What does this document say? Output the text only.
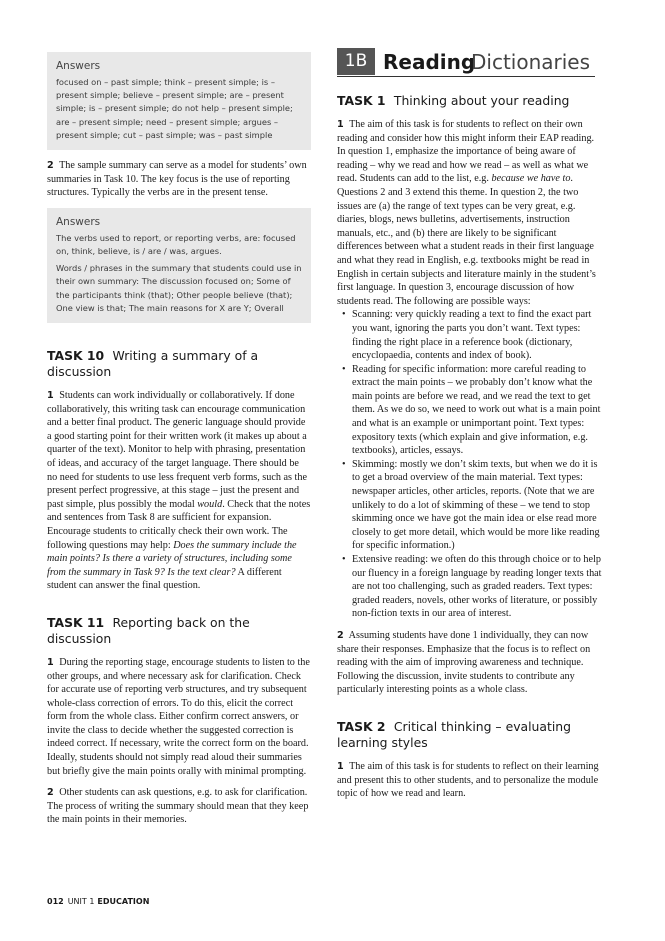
Answers

focused on – past simple; think – present simple; is – present simple; believe – present simple; are – present simple; is – present simple; do not help – present simple; are – present simple; need – present simple; argues – present simple; cut – past simple; was – past simple

2 The sample summary can serve as a model for students’ own summaries in Task 10. The key focus is the use of reporting structures. Typically the verbs are in the present tense.

Answers

The verbs used to report, or reporting verbs, are: focused on, think, believe, is / are / was, argues.

Words / phrases in the summary that students could use in their own summary: The discussion focused on; Some of the participants think (that); Other people believe (that); One view is that; The main reasons for X are Y; Overall

TASK 10 Writing a summary of a discussion

1 Students can work individually or collaboratively. If done collaboratively, this writing task can encourage communication and a better final product. The generic language should provide a good starting point for their written work (it makes up about a quarter of the text). Monitor to help with phrasing, presentation of ideas, and accuracy of the target language. There should be no need for students to use less frequent verb forms, such as the present perfect progressive, at this stage – just the present and past simple, plus possibly the modal would. Check that the notes and sentences from Task 8 are sufficient for expansion. Encourage students to critically check their own work. The following questions may help: Does the summary include the main points? Is there a variety of structures, including some from the summary in Task 9? Is the text clear? A different student can answer the final question.

TASK 11 Reporting back on the discussion

1 During the reporting stage, encourage students to listen to the other groups, and where necessary ask for clarification. Check for accurate use of reporting verb structures, and try subsequent whole-class correction of errors. To do this, elicit the correct form from the whole class. Either confirm correct answers, or invite the class to decide whether the suggested correction is indeed correct. If necessary, write the correct form on the board. Ideally, students should not simply read aloud their summaries but briefly give the main points orally with minimal prompting.

2 Other students can ask questions, e.g. to ask for clarification. The process of writing the summary should mean that they keep the main points in their memories.

1B Reading
Dictionaries
TASK 1 Thinking about your reading

1 The aim of this task is for students to reflect on their own reading and consider how this might inform their EAP reading. In question 1, emphasize the importance of being aware of reading – why we read and how we read – as well as what we read. Students can add to the list, e.g. because we have to. Questions 2 and 3 extend this theme. In question 2, the two issues are (a) the range of text types can be very great, e.g. diaries, blogs, news bulletins, advertisements, instruction manuals, etc., and (b) there are likely to be significant differences between what a student reads in their first language and what they read in English, e.g. textbooks might be read in English in certain subjects and literature mainly in the student’s first language. In question 3, encourage discussion of how students read. The following are possible ways:

• Scanning: very quickly reading a text to find the exact part you want, ignoring the parts you don’t want. Text types: finding the right place in a reference book (dictionary, encyclopaedia, contents and index of book).
• Reading for specific information: more careful reading to extract the main points – we probably don’t know what the main points are before we read, and we read the text to get them. As we do so, we need to work out what is a main point and what is an example or unimportant point. Text types: expository texts (which explain and give information, e.g. textbooks), articles, essays.
• Skimming: mostly we don’t skim texts, but when we do it is to get a broad overview of the main material. Text types: newspaper articles, other articles, reports. (Note that we are unlikely to do a lot of skimming of these – we tend to stop skimming once we have got the main idea or else read more closely to get more detail, which would be more like reading for specific information.)
• Extensive reading: we often do this through choice or to help our fluency in a foreign language by reading longer texts that are not too challenging, such as graded readers. Text types: graded readers, novels, other works of literature, or possibly non-fiction texts in our area of interest.

2 Assuming students have done 1 individually, they can now share their responses. Emphasize that the focus is to reflect on reading with the aim of improving awareness and technique. Following the discussion, invite students to contribute any particularly interesting points as a whole class.

TASK 2 Critical thinking – evaluating learning styles

1 The aim of this task is for students to reflect on their learning and present this to other students, and to personalize the module topic of how we read and learn.

012 UNIT 1 EDUCATION
